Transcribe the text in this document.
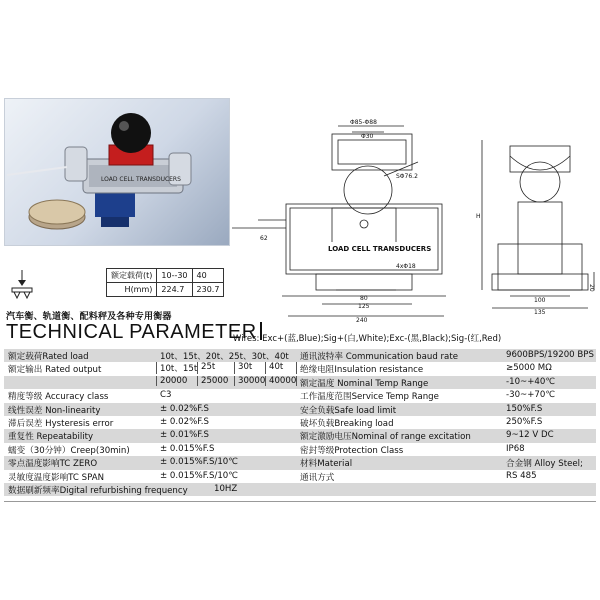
LOAD CELL TRANSDUCERS
LOAD CELL TRANSDUCERS
Φ85-Φ88
Φ30
SΦ76.2
62
4xΦ18
80
125
240
H
100
135
20
额定载荷(t)	10--30	40
H(mm)	224.7	230.7
汽车衡、轨道衡、配料秤及各种专用衡器
TECHNICAL PARAMETER
Wires: Exc+(蓝,Blue);Sig+(白,White);Exc-(黑,Black);Sig-(红,Red)
额定载荷Rated load	10t、15t、20t、25t、30t、40t 通讯波特率 Communication baud rate	9600BPS/19200 BPS
额定输出 Rated output	10t、15t 25t	30t	40t	绝缘电阻Insulation resistance	≥5000 MΩ
20000	25000	30000 40000 额定温度 Nominal Temp Range	-10~+40℃
精度等级 Accuracy class	C3	工作温度范围Service Temp Range	-30~+70℃
线性误差 Non-linearity	± 0.02%F.S	安全负载Safe load limit	150%F.S
滞后误差 Hysteresis error	± 0.02%F.S	破坏负载Breaking load	250%F.S
重复性 Repeatability	± 0.01%F.S	额定激励电压Nominal of range excitation	9~12 V DC
蠕变（30分钟）Creep(30min)	± 0.015%F.S	密封等级Protection Class	IP68
零点温度影响TC ZERO	± 0.015%F.S/10℃	材料Material	合金钢 Alloy Steel;
灵敏度温度影响TC SPAN	± 0.015%F.S/10℃	通讯方式	RS 485
数据刷新频率Digital refurbishing frequency	10HZ
